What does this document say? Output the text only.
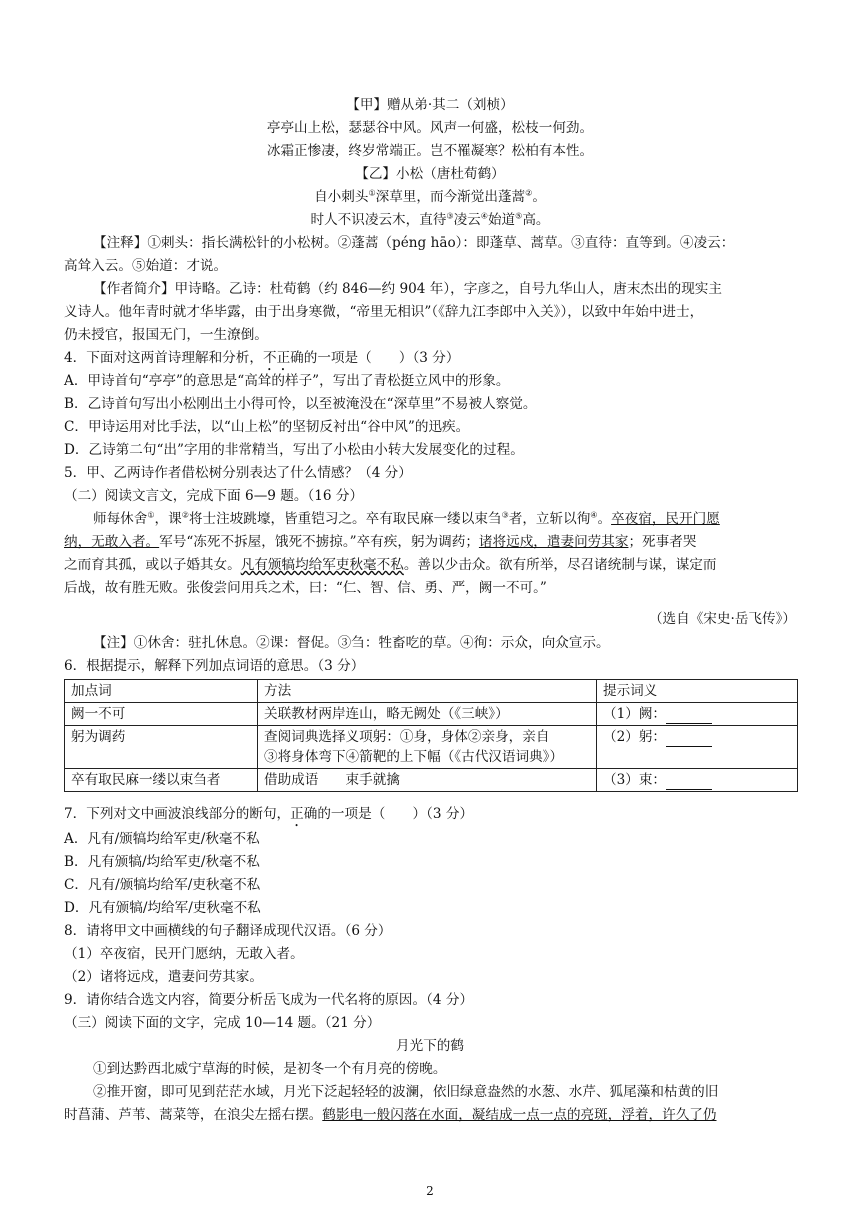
【甲】赠从弟·其二（刘桢）
亭亭山上松，瑟瑟谷中风。风声一何盛，松枝一何劲。
冰霜正惨凄，终岁常端正。岂不罹凝寒？松柏有本性。
【乙】小松（唐杜荀鹤）
自小刺头①深草里，而今渐觉出蓬蒿②。
时人不识凌云木，直待③凌云④始道⑤高。
【注释】①刺头：指长满松针的小松树。②蓬蒿（péng hāo）：即蓬草、蒿草。③直待：直等到。④凌云：
高耸入云。⑤始道：才说。
【作者简介】甲诗略。乙诗：杜荀鹤（约 846—约 904 年），字彦之，自号九华山人，唐末杰出的现实主
义诗人。他年青时就才华毕露，由于出身寒微，“帝里无相识”（《辞九江李郎中入关》），以致中年始中进士，
仍未授官，报国无门，一生潦倒。
4．下面对这两首诗理解和分析，不正确的一项是（　　）（3 分）
A．甲诗首句“亭亭”的意思是“高耸的样子”，写出了青松挺立风中的形象。
B．乙诗首句写出小松刚出土小得可怜，以至被淹没在“深草里”不易被人察觉。
C．甲诗运用对比手法，以“山上松”的坚韧反衬出“谷中风”的迅疾。
D．乙诗第二句“出”字用的非常精当，写出了小松由小转大发展变化的过程。
5．甲、乙两诗作者借松树分别表达了什么情感？（4 分）
（二）阅读文言文，完成下面 6—9 题。（16 分）
师每休舍①，课②将士注坡跳壕，皆重铠习之。卒有取民麻一缕以束刍③者，立斩以徇④。卒夜宿，民开门愿
纳，无敢入者。军号“冻死不拆屋，饿死不掳掠。”卒有疾，躬为调药；诸将远戍，遣妻问劳其家；死事者哭
之而育其孤，或以子婚其女。凡有颁犒均给军吏秋毫不私。善以少击众。欲有所举，尽召诸统制与谋，谋定而
后战，故有胜无败。张俊尝问用兵之术，曰：“仁、智、信、勇、严，阙一不可。”
（选自《宋史·岳飞传》）
【注】①休舍：驻扎休息。②课：督促。③刍：牲畜吃的草。④徇：示众，向众宣示。
6．根据提示，解释下列加点词语的意思。（3 分）
加点词	方法	提示词义
阙一不可	关联教材两岸连山，略无阙处（《三峡》）	（1）阙：
躬为调药	查阅词典选择义项躬：①身，身体②亲身，亲自
③将身体弯下④箭靶的上下幅（《古代汉语词典》）	（2）躬：
卒有取民麻一缕以束刍者	借助成语　　束手就擒	（3）束：
7．下列对文中画波浪线部分的断句，正确的一项是（　　）（3 分）
A．凡有/颁犒均给军吏/秋毫不私
B．凡有颁犒/均给军吏/秋毫不私
C．凡有/颁犒均给军/吏秋毫不私
D．凡有颁犒/均给军/吏秋毫不私
8．请将甲文中画横线的句子翻译成现代汉语。（6 分）
（1）卒夜宿，民开门愿纳，无敢入者。
（2）诸将远戍，遣妻问劳其家。
9．请你结合选文内容，简要分析岳飞成为一代名将的原因。（4 分）
（三）阅读下面的文字，完成 10—14 题。（21 分）
月光下的鹤
①到达黔西北威宁草海的时候，是初冬一个有月亮的傍晚。
②推开窗，即可见到茫茫水域，月光下泛起轻轻的波澜，依旧绿意盎然的水葱、水芹、狐尾藻和枯黄的旧
时菖蒲、芦苇、蒿菜等，在浪尖左摇右摆。鹤影电一般闪落在水面，凝结成一点一点的亮斑，浮着，许久了仍
2
